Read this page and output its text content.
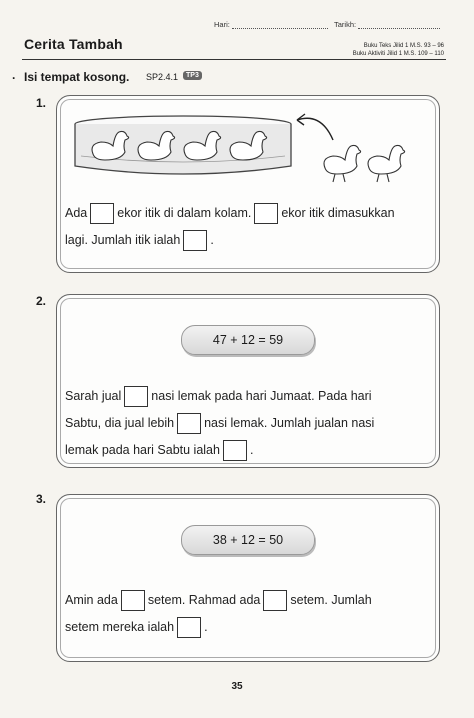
Hari:	Tarikh:
Cerita Tambah	Buku Teks Jilid 1 M.S. 93 – 96
Buku Aktiviti Jilid 1 M.S. 109 – 110
· Isi tempat kosong. SP2.4.1	TP3
1.
Ada ekor itik di dalam kolam. ekor itik dimasukkan
lagi. Jumlah itik ialah .
2.
47 + 12 = 59
Sarah jual nasi lemak pada hari Jumaat. Pada hari
Sabtu, dia jual lebih nasi lemak. Jumlah jualan nasi
lemak pada hari Sabtu ialah .
3.
38 + 12 = 50
Amin ada setem. Rahmad ada setem. Jumlah
setem mereka ialah .
35
